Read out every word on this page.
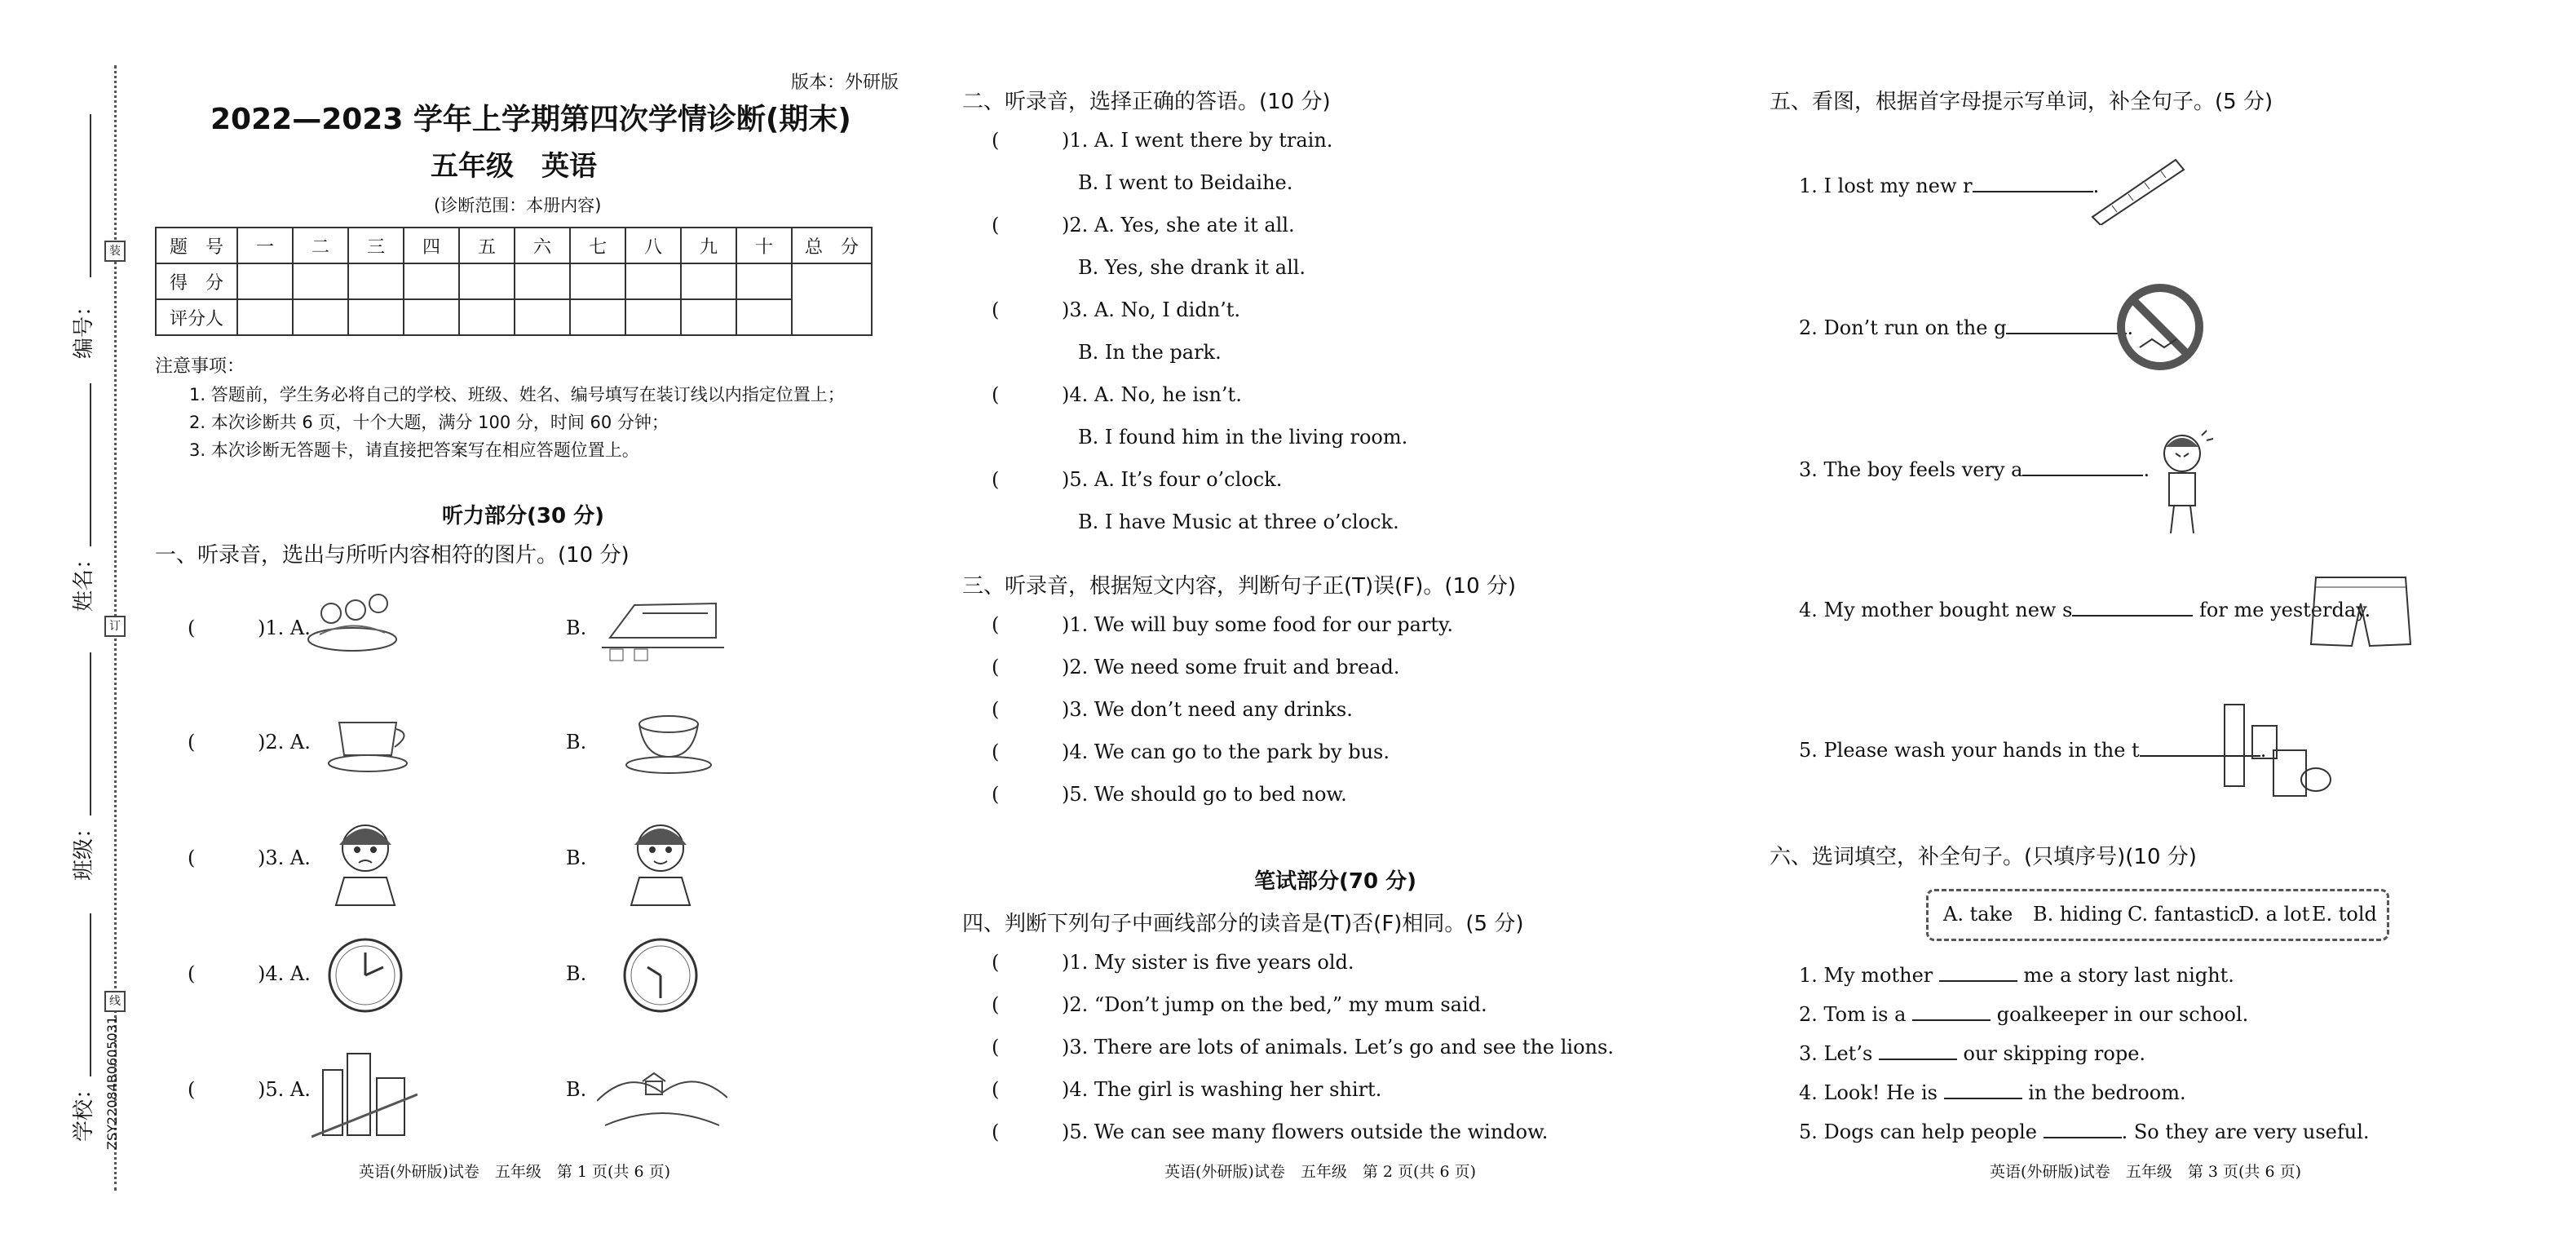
装
订
线
编号：
姓名：
班级：
学校： ZSY22084B0605031
版本：外研版
2022—2023 学年上学期第四次学情诊断(期末)
五年级　英语
(诊断范围：本册内容)
题　号	一	二	三	四	五	六	七	八	九	十	总　分
得　分											
评分人											
注意事项：
1. 答题前，学生务必将自己的学校、班级、姓名、编号填写在装订线以内指定位置上；
2. 本次诊断共 6 页，十个大题，满分 100 分，时间 60 分钟；
3. 本次诊断无答题卡，请直接把答案写在相应答题位置上。
听力部分(30 分)
一、听录音，选出与所听内容相符的图片。(10 分)
(	)1. A.	B.
(	)2. A.	B.
(	)3. A.	B.
(	)4. A.	B.
(	)5. A.	B.
英语(外研版)试卷　五年级　第 1 页(共 6 页)
二、听录音，选择正确的答语。(10 分)
(	)1. A. I went there by train.
B. I went to Beidaihe.
(	)2. A. Yes, she ate it all.
B. Yes, she drank it all.
(	)3. A. No, I didn’t.
B. In the park.
(	)4. A. No, he isn’t.
B. I found him in the living room.
(	)5. A. It’s four o’clock.
B. I have Music at three o’clock.
三、听录音，根据短文内容，判断句子正(T)误(F)。(10 分)
(	)1. We will buy some food for our party.
(	)2. We need some fruit and bread.
(	)3. We don’t need any drinks.
(	)4. We can go to the park by bus.
(	)5. We should go to bed now.
笔试部分(70 分)
四、判断下列句子中画线部分的读音是(T)否(F)相同。(5 分)
(	)1. My sister is five years old.
(	)2. “Don’t jump on the bed,” my mum said.
(	)3. There are lots of animals. Let’s go and see the lions.
(	)4. The girl is washing her shirt.
(	)5. We can see many flowers outside the window.
英语(外研版)试卷　五年级　第 2 页(共 6 页)
五、看图，根据首字母提示写单词，补全句子。(5 分)
1. I lost my new r	.
2. Don’t run on the g	.
3. The boy feels very a	.
4. My mother bought new s	for me yesterday.
5. Please wash your hands in the t	.
六、选词填空，补全句子。(只填序号)(10 分)
英语(外研版)试卷　五年级　第 3 页(共 6 页)
A. take B. hiding C. fantastic
D. a lot E. told
1. My mother	me a story last night.
2. Tom is a	goalkeeper in our school.
3. Let’s	our skipping rope.
4. Look! He is	in the bedroom.
5. Dogs can help people	. So they are very useful.
